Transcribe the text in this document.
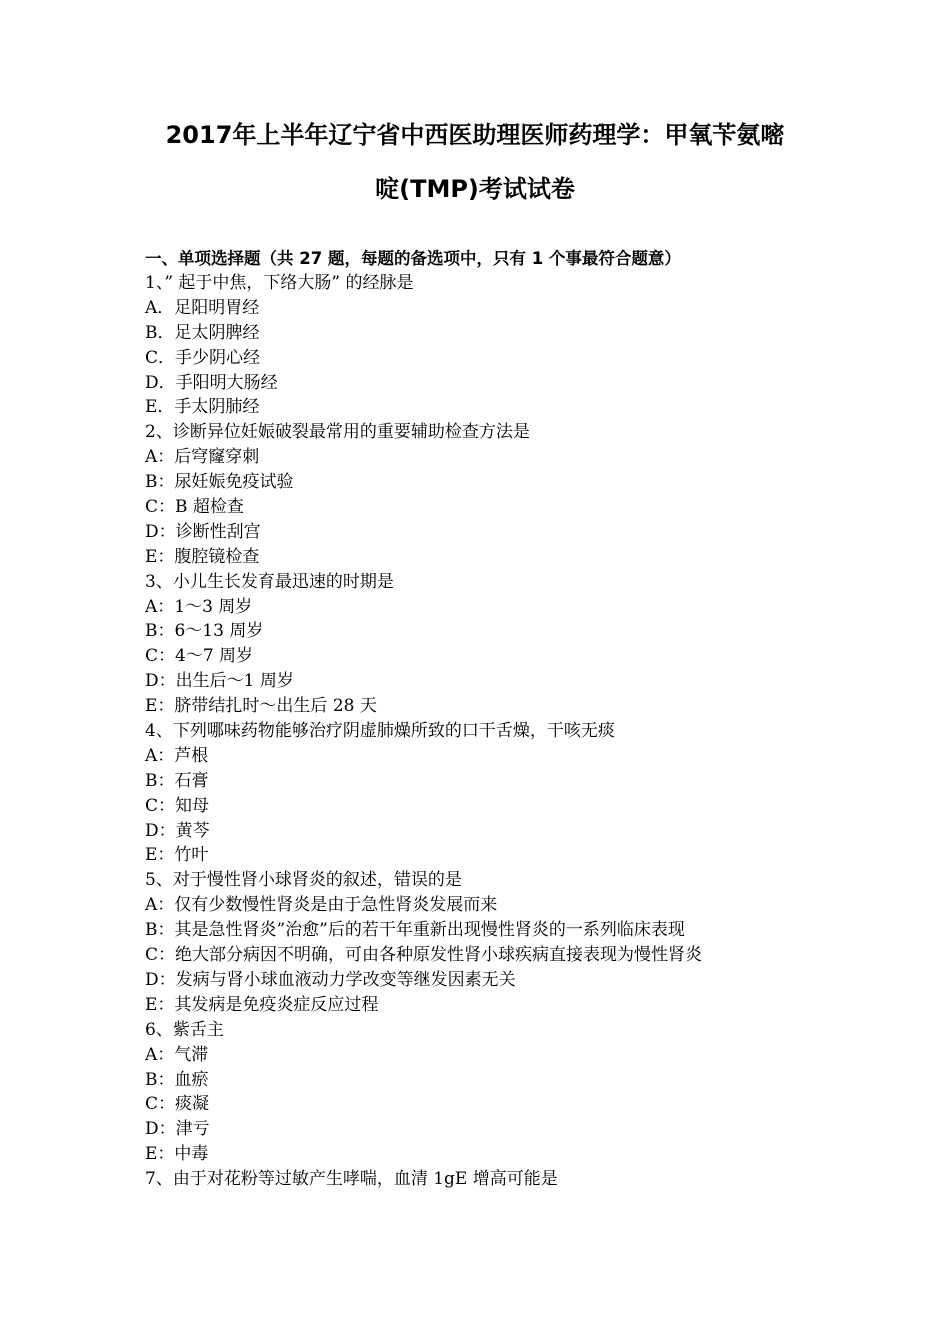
2017年上半年辽宁省中西医助理医师药理学：甲氧苄氨嘧
啶(TMP)考试试卷
一、单项选择题（共 27 题，每题的备选项中，只有 1 个事最符合题意）
1、” 起于中焦，下络大肠” 的经脉是
A．足阳明胃经
B．足太阴脾经
C．手少阴心经
D．手阳明大肠经
E．手太阴肺经
2、诊断异位妊娠破裂最常用的重要辅助检查方法是
A：后穹窿穿刺
B：尿妊娠免疫试验
C：B 超检查
D：诊断性刮宫
E：腹腔镜检查
3、小儿生长发育最迅速的时期是
A：1～3 周岁
B：6～13 周岁
C：4～7 周岁
D：出生后～1 周岁
E：脐带结扎时～出生后 28 天
4、下列哪味药物能够治疗阴虚肺燥所致的口干舌燥，干咳无痰
A：芦根
B：石膏
C：知母
D：黄芩
E：竹叶
5、对于慢性肾小球肾炎的叙述，错误的是
A：仅有少数慢性肾炎是由于急性肾炎发展而来
B：其是急性肾炎”治愈”后的若干年重新出现慢性肾炎的一系列临床表现
C：绝大部分病因不明确，可由各种原发性肾小球疾病直接表现为慢性肾炎
D：发病与肾小球血液动力学改变等继发因素无关
E：其发病是免疫炎症反应过程
6、紫舌主
A：气滞
B：血瘀
C：痰凝
D：津亏
E：中毒
7、由于对花粉等过敏产生哮喘，血清 1gE 增高可能是
